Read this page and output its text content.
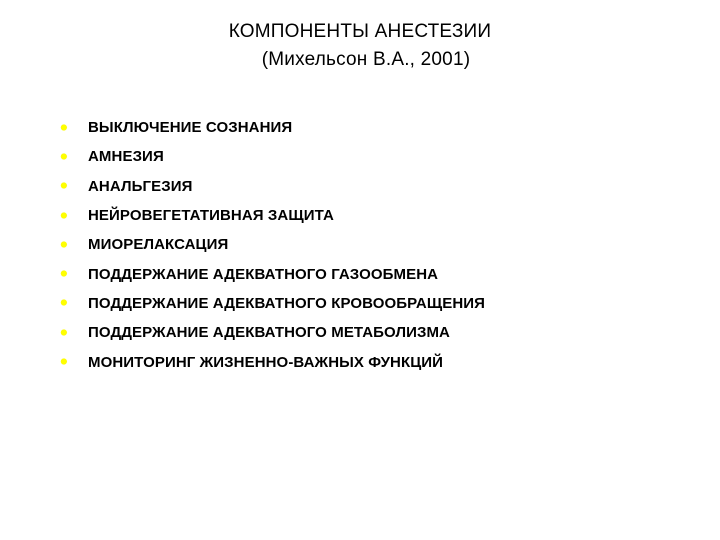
КОМПОНЕНТЫ АНЕСТЕЗИИ
(Михельсон В.А., 2001)
•	ВЫКЛЮЧЕНИЕ СОЗНАНИЯ
•	АМНЕЗИЯ
•	АНАЛЬГЕЗИЯ
•	НЕЙРОВЕГЕТАТИВНАЯ ЗАЩИТА
•	МИОРЕЛАКСАЦИЯ
•	ПОДДЕРЖАНИЕ АДЕКВАТНОГО ГАЗООБМЕНА
•	ПОДДЕРЖАНИЕ АДЕКВАТНОГО КРОВООБРАЩЕНИЯ
•	ПОДДЕРЖАНИЕ АДЕКВАТНОГО МЕТАБОЛИЗМА
•	МОНИТОРИНГ ЖИЗНЕННО-ВАЖНЫХ ФУНКЦИЙ
